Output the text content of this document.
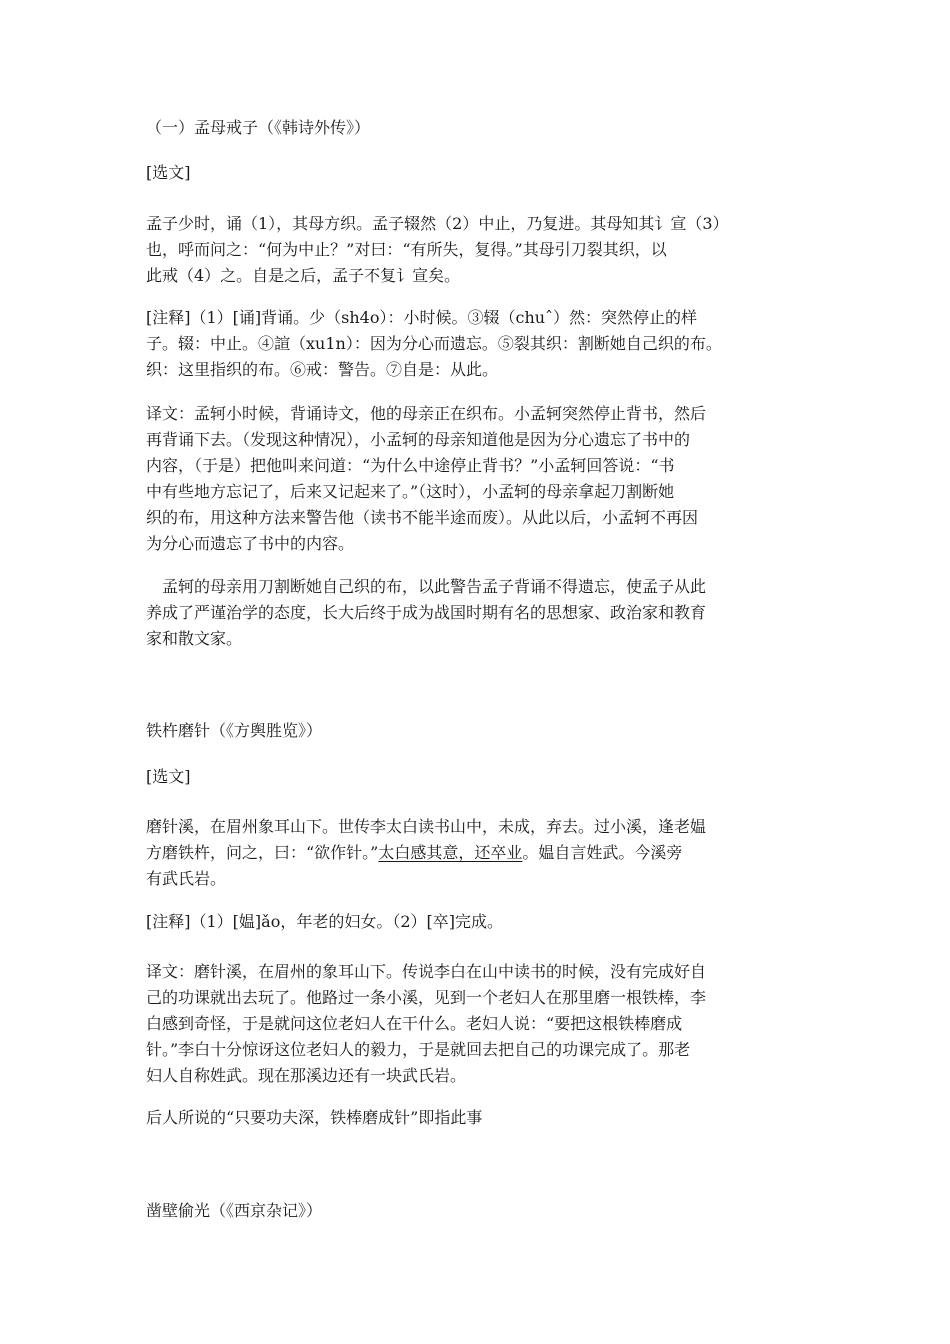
（一）孟母戒子（《韩诗外传》）

[选文]

孟子少时，诵（1），其母方织。孟子辍然（2）中止，乃复进。其母知其讠宣（3）
也，呼而问之：“何为中止？”对曰：“有所失，复得。”其母引刀裂其织，以
此戒（4）之。自是之后，孟子不复讠宣矣。
[注释]（1）[诵]背诵。少（sh4o）：小时候。③辍（chuˆ）然：突然停止的样
子。辍：中止。④諠（xu1n）：因为分心而遗忘。⑤裂其织：割断她自己织的布。
织：这里指织的布。⑥戒：警告。⑦自是：从此。
译文：孟轲小时候，背诵诗文，他的母亲正在织布。小孟轲突然停止背书，然后
再背诵下去。（发现这种情况），小孟轲的母亲知道他是因为分心遗忘了书中的
内容，（于是）把他叫来问道：“为什么中途停止背书？”小孟轲回答说：“书
中有些地方忘记了，后来又记起来了。”（这时），小孟轲的母亲拿起刀割断她
织的布，用这种方法来警告他（读书不能半途而废）。从此以后，小孟轲不再因
为分心而遗忘了书中的内容。
孟轲的母亲用刀割断她自己织的布，以此警告孟子背诵不得遗忘，使孟子从此
养成了严谨治学的态度，长大后终于成为战国时期有名的思想家、政治家和教育
家和散文家。

铁杵磨针（《方舆胜览》）

[选文]

磨针溪，在眉州象耳山下。世传李太白读书山中，未成，弃去。过小溪，逢老媪
方磨铁杵，问之，曰：“欲作针。”太白感其意，还卒业。媪自言姓武。今溪旁
有武氏岩。

[注释]（1）[媪]ǎo，年老的妇女。（2）[卒]完成。

译文：磨针溪，在眉州的象耳山下。传说李白在山中读书的时候，没有完成好自
己的功课就出去玩了。他路过一条小溪，见到一个老妇人在那里磨一根铁棒，李
白感到奇怪，于是就问这位老妇人在干什么。老妇人说：“要把这根铁棒磨成
针。”李白十分惊讶这位老妇人的毅力，于是就回去把自己的功课完成了。那老
妇人自称姓武。现在那溪边还有一块武氏岩。

后人所说的“只要功夫深，铁棒磨成针”即指此事

凿壁偷光（《西京杂记》）
